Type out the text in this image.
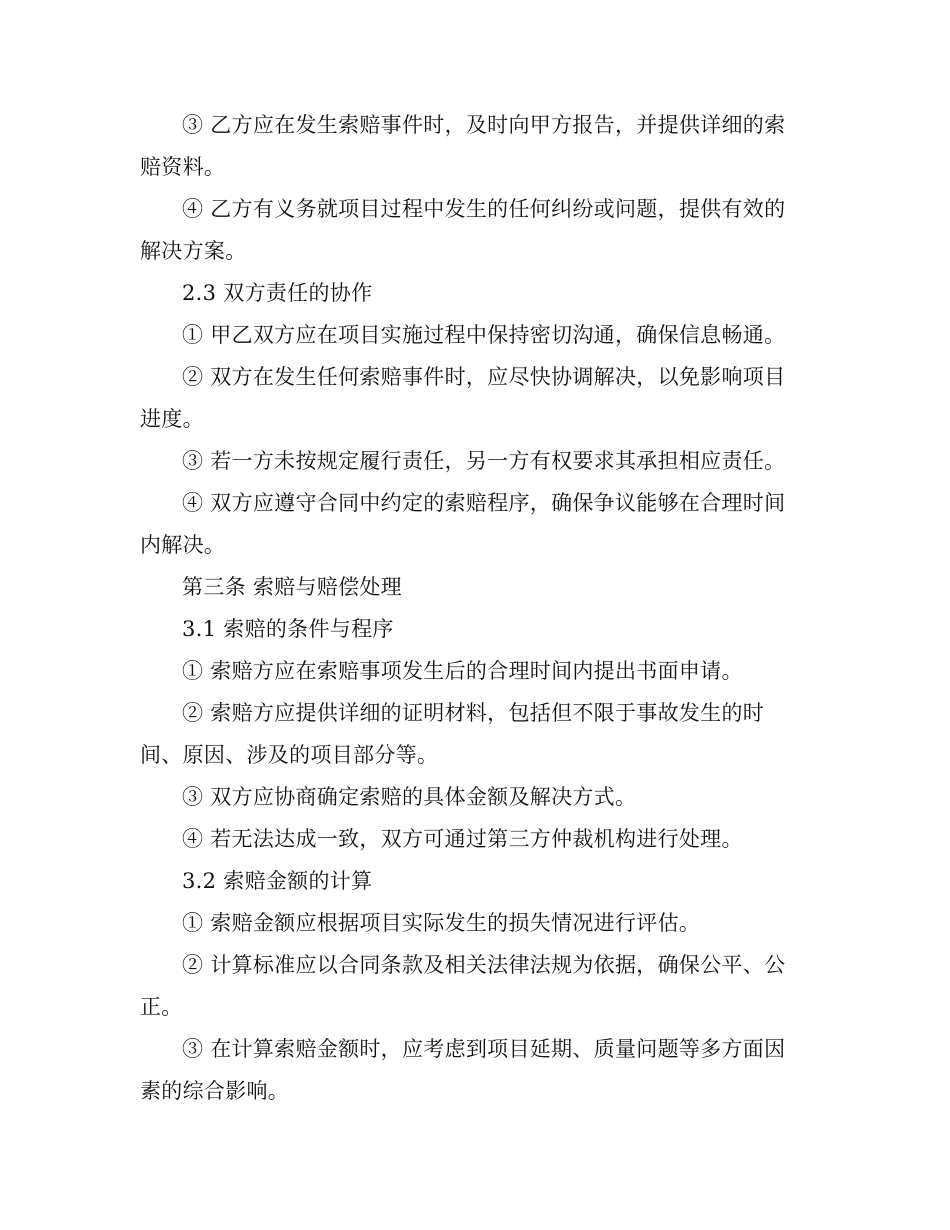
③ 乙方应在发生索赔事件时，及时向甲方报告，并提供详细的索赔资料。

④ 乙方有义务就项目过程中发生的任何纠纷或问题，提供有效的解决方案。

2.3 双方责任的协作

① 甲乙双方应在项目实施过程中保持密切沟通，确保信息畅通。

② 双方在发生任何索赔事件时，应尽快协调解决，以免影响项目进度。

③ 若一方未按规定履行责任，另一方有权要求其承担相应责任。

④ 双方应遵守合同中约定的索赔程序，确保争议能够在合理时间内解决。

第三条 索赔与赔偿处理

3.1 索赔的条件与程序

① 索赔方应在索赔事项发生后的合理时间内提出书面申请。

② 索赔方应提供详细的证明材料，包括但不限于事故发生的时间、原因、涉及的项目部分等。

③ 双方应协商确定索赔的具体金额及解决方式。

④ 若无法达成一致，双方可通过第三方仲裁机构进行处理。

3.2 索赔金额的计算

① 索赔金额应根据项目实际发生的损失情况进行评估。

② 计算标准应以合同条款及相关法律法规为依据，确保公平、公正。

③ 在计算索赔金额时，应考虑到项目延期、质量问题等多方面因素的综合影响。
